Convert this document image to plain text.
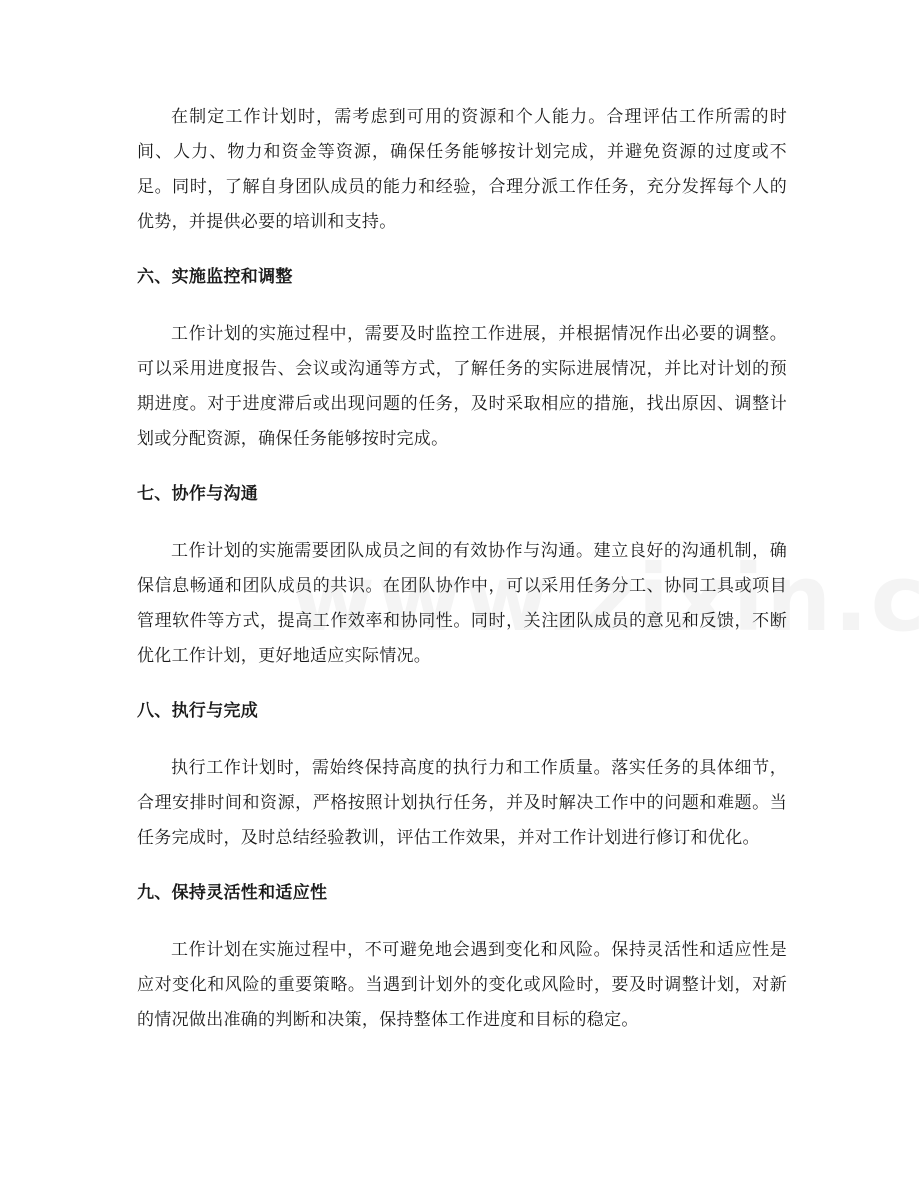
在制定工作计划时，需考虑到可用的资源和个人能力。合理评估工作所需的时间、人力、物力和资金等资源，确保任务能够按计划完成，并避免资源的过度或不足。同时，了解自身团队成员的能力和经验，合理分派工作任务，充分发挥每个人的优势，并提供必要的培训和支持。

六、实施监控和调整

工作计划的实施过程中，需要及时监控工作进展，并根据情况作出必要的调整。可以采用进度报告、会议或沟通等方式，了解任务的实际进展情况，并比对计划的预期进度。对于进度滞后或出现问题的任务，及时采取相应的措施，找出原因、调整计划或分配资源，确保任务能够按时完成。

七、协作与沟通

工作计划的实施需要团队成员之间的有效协作与沟通。建立良好的沟通机制，确保信息畅通和团队成员的共识。在团队协作中，可以采用任务分工、协同工具或项目管理软件等方式，提高工作效率和协同性。同时，关注团队成员的意见和反馈，不断优化工作计划，更好地适应实际情况。

八、执行与完成

执行工作计划时，需始终保持高度的执行力和工作质量。落实任务的具体细节，合理安排时间和资源，严格按照计划执行任务，并及时解决工作中的问题和难题。当任务完成时，及时总结经验教训，评估工作效果，并对工作计划进行修订和优化。

九、保持灵活性和适应性

工作计划在实施过程中，不可避免地会遇到变化和风险。保持灵活性和适应性是应对变化和风险的重要策略。当遇到计划外的变化或风险时，要及时调整计划，对新的情况做出准确的判断和决策，保持整体工作进度和目标的稳定。
